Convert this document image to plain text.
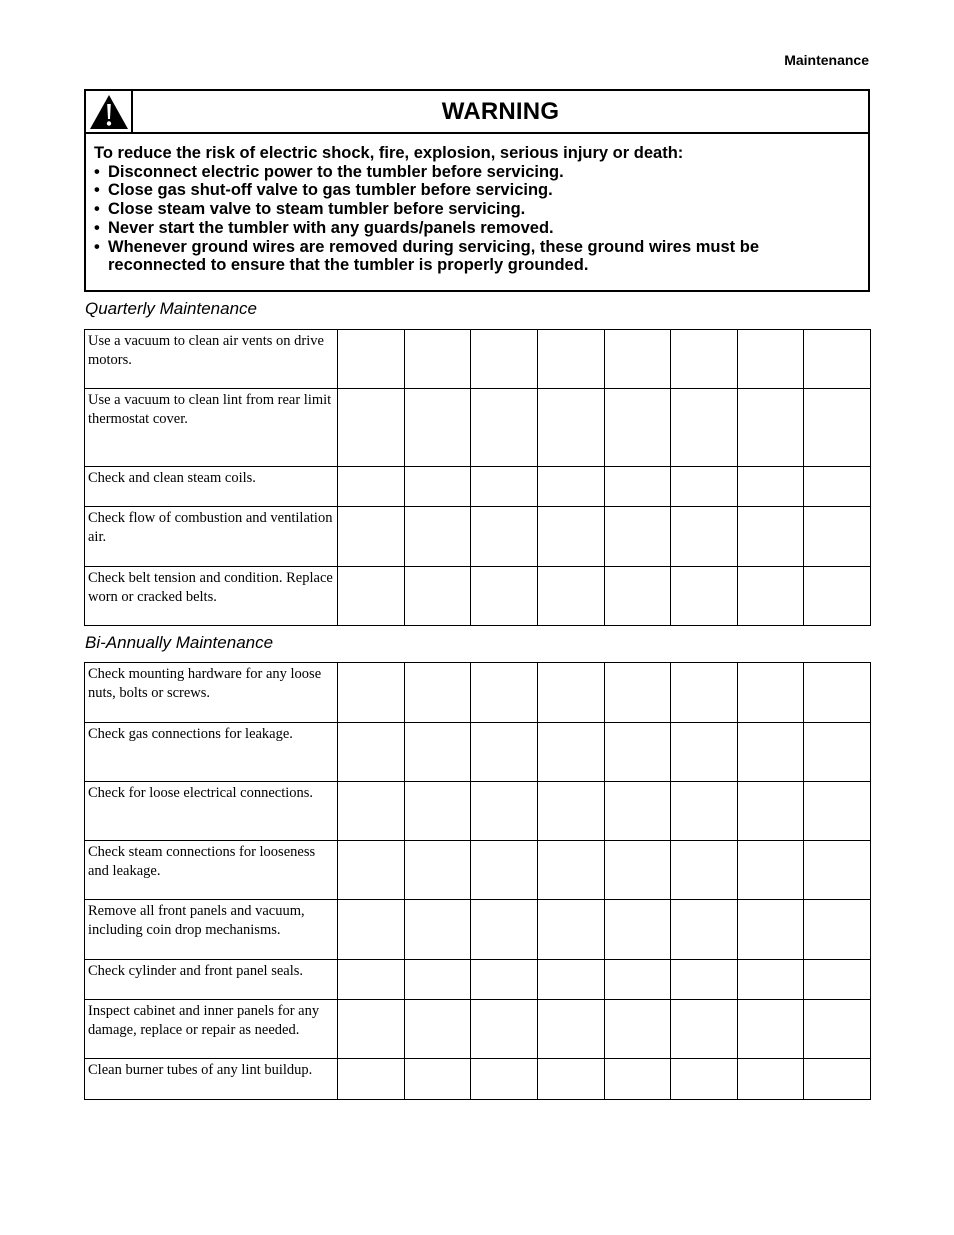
Maintenance
WARNING
To reduce the risk of electric shock, fire, explosion, serious injury or death:
• Disconnect electric power to the tumbler before servicing.
• Close gas shut-off valve to gas tumbler before servicing.
• Close steam valve to steam tumbler before servicing.
• Never start the tumbler with any guards/panels removed.
• Whenever ground wires are removed during servicing, these ground wires must be reconnected to ensure that the tumbler is properly grounded.
Quarterly Maintenance
Use a vacuum to clean air vents on drive motors.								
Use a vacuum to clean lint from rear limit thermostat cover.								
Check and clean steam coils.								
Check flow of combustion and ventilation air.								
Check belt tension and condition. Replace worn or cracked belts.								
Bi-Annually Maintenance
Check mounting hardware for any loose nuts, bolts or screws.								
Check gas connections for leakage.								
Check for loose electrical connections.								
Check steam connections for looseness and leakage.								
Remove all front panels and vacuum, including coin drop mechanisms.								
Check cylinder and front panel seals.								
Inspect cabinet and inner panels for any damage, replace or repair as needed.								
Clean burner tubes of any lint buildup.								
